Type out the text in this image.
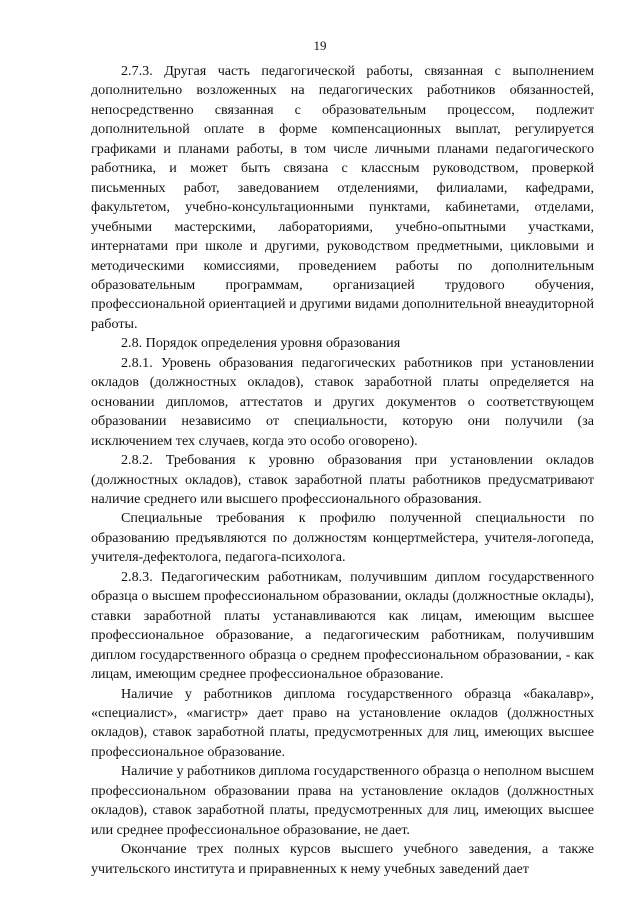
19

2.7.3. Другая часть педагогической работы, связанная с выполнением дополнительно возложенных на педагогических работников обязанностей, непосредственно связанная с образовательным процессом, подлежит дополнительной оплате в форме компенсационных выплат, регулируется графиками и планами работы, в том числе личными планами педагогического работника, и может быть связана с классным руководством, проверкой письменных работ, заведованием отделениями, филиалами, кафедрами, факультетом, учебно-консультационными пунктами, кабинетами, отделами, учебными мастерскими, лабораториями, учебно-опытными участками, интернатами при школе и другими, руководством предметными, цикловыми и методическими комиссиями, проведением работы по дополнительным образовательным программам, организацией трудового обучения, профессиональной ориентацией и другими видами дополнительной внеаудиторной работы.

2.8. Порядок определения уровня образования

2.8.1. Уровень образования педагогических работников при установлении окладов (должностных окладов), ставок заработной платы определяется на основании дипломов, аттестатов и других документов о соответствующем образовании независимо от специальности, которую они получили (за исключением тех случаев, когда это особо оговорено).

2.8.2. Требования к уровню образования при установлении окладов (должностных окладов), ставок заработной платы работников предусматривают наличие среднего или высшего профессионального образования.

Специальные требования к профилю полученной специальности по образованию предъявляются по должностям концертмейстера, учителя-логопеда, учителя-дефектолога, педагога-психолога.

2.8.3. Педагогическим работникам, получившим диплом государственного образца о высшем профессиональном образовании, оклады (должностные оклады), ставки заработной платы устанавливаются как лицам, имеющим высшее профессиональное образование, а педагогическим работникам, получившим диплом государственного образца о среднем профессиональном образовании, - как лицам, имеющим среднее профессиональное образование.

Наличие у работников диплома государственного образца «бакалавр», «специалист», «магистр» дает право на установление окладов (должностных окладов), ставок заработной платы, предусмотренных для лиц, имеющих высшее профессиональное образование.

Наличие у работников диплома государственного образца о неполном высшем профессиональном образовании права на установление окладов (должностных окладов), ставок заработной платы, предусмотренных для лиц, имеющих высшее или среднее профессиональное образование, не дает.

Окончание трех полных курсов высшего учебного заведения, а также учительского института и приравненных к нему учебных заведений дает
